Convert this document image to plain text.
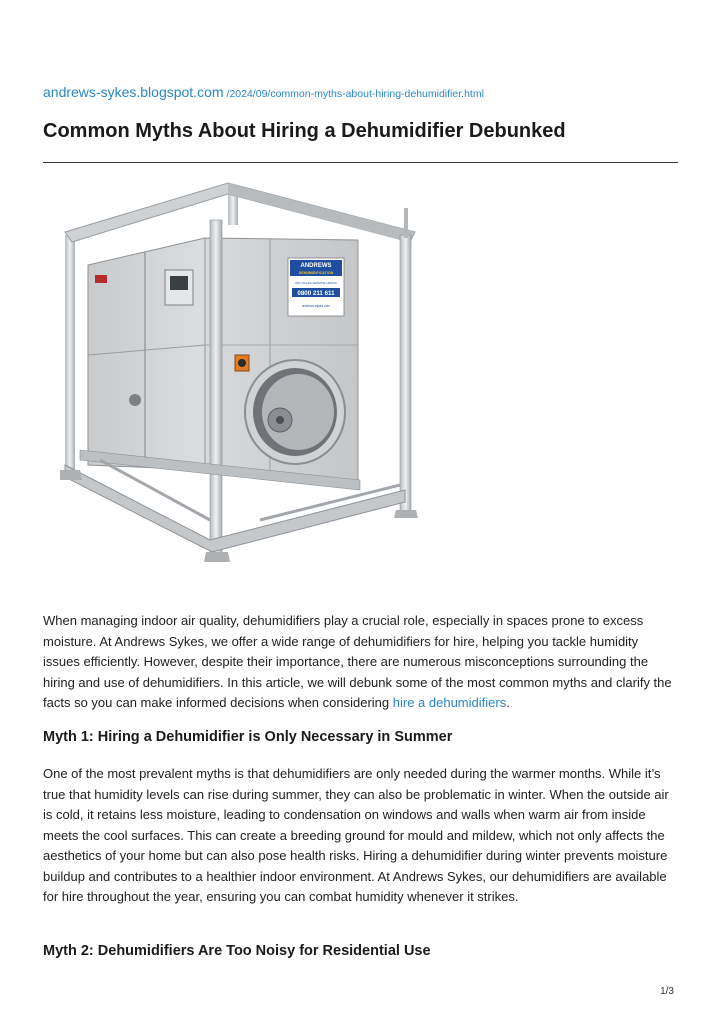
andrews-sykes.blogspot.com /2024/09/common-myths-about-hiring-dehumidifier.html
Common Myths About Hiring a Dehumidifier Debunked
ANDREWS
DEHUMIDIFICATION
24hr SALES SERVICE HIRING
0800 211 611
andrews-sykes.com

When managing indoor air quality, dehumidifiers play a crucial role, especially in spaces prone to excess moisture. At Andrews Sykes, we offer a wide range of dehumidifiers for hire, helping you tackle humidity issues efficiently. However, despite their importance, there are numerous misconceptions surrounding the hiring and use of dehumidifiers. In this article, we will debunk some of the most common myths and clarify the facts so you can make informed decisions when considering hire a dehumidifiers.

Myth 1: Hiring a Dehumidifier is Only Necessary in Summer

One of the most prevalent myths is that dehumidifiers are only needed during the warmer months. While it’s true that humidity levels can rise during summer, they can also be problematic in winter. When the outside air is cold, it retains less moisture, leading to condensation on windows and walls when warm air from inside meets the cool surfaces. This can create a breeding ground for mould and mildew, which not only affects the aesthetics of your home but can also pose health risks. Hiring a dehumidifier during winter prevents moisture buildup and contributes to a healthier indoor environment. At Andrews Sykes, our dehumidifiers are available for hire throughout the year, ensuring you can combat humidity whenever it strikes.

Myth 2: Dehumidifiers Are Too Noisy for Residential Use
1/3
